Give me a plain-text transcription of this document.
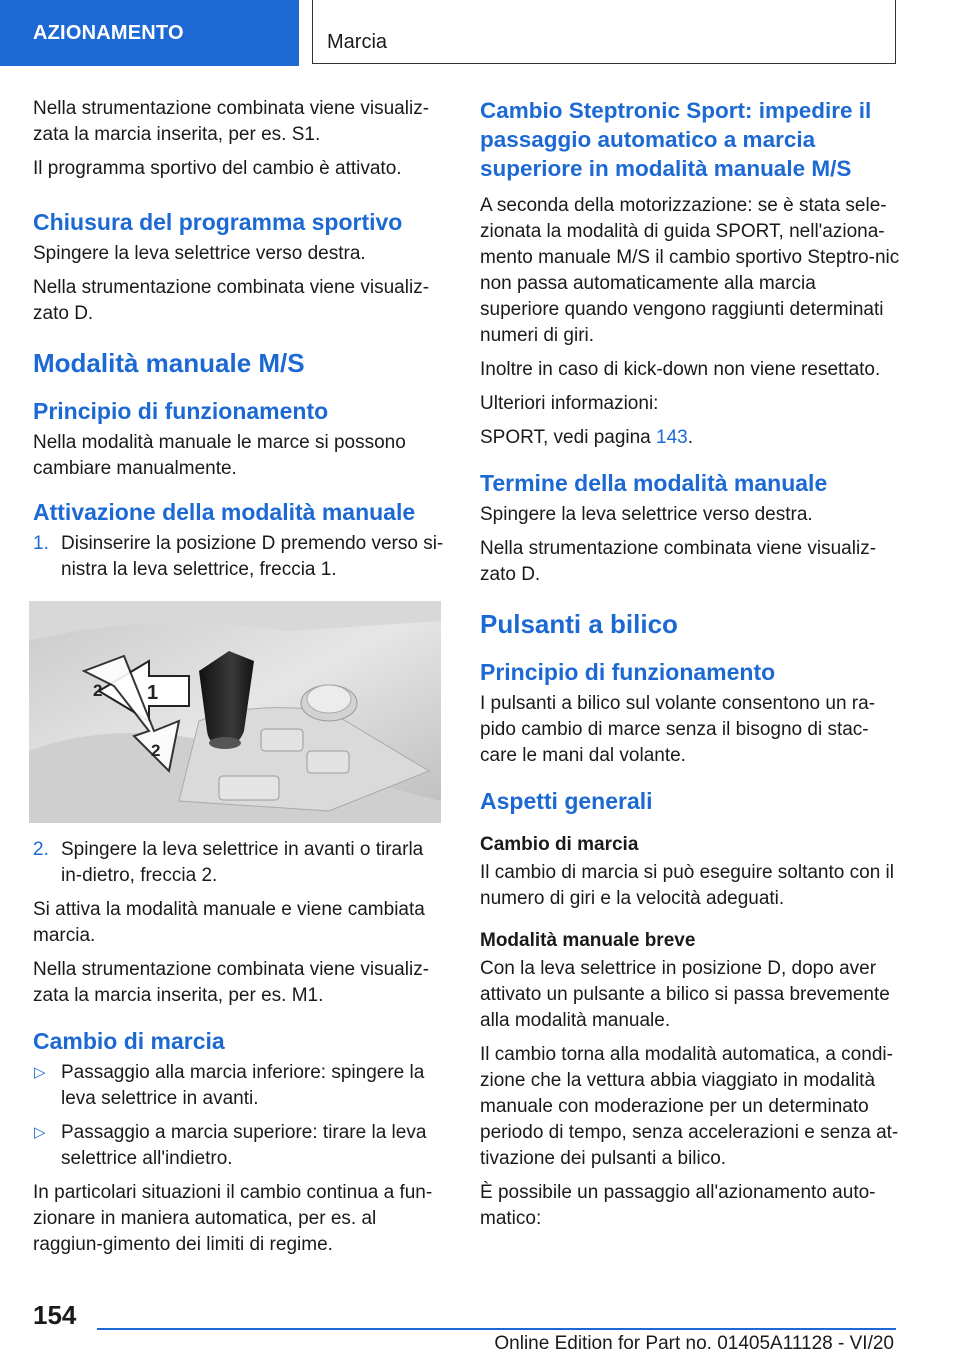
AZIONAMENTO	Marcia

Nella strumentazione combinata viene visualiz-zata la marcia inserita, per es. S1.

Il programma sportivo del cambio è attivato.

Chiusura del programma sportivo

Spingere la leva selettrice verso destra.

Nella strumentazione combinata viene visualiz-zato D.

Modalità manuale M/S
Principio di funzionamento

Nella modalità manuale le marce si possono cambiare manualmente.

Attivazione della modalità manuale
1. Disinserire la posizione D premendo verso si-nistra la leva selettrice, freccia 1.
1
2
2
2. Spingere la leva selettrice in avanti o tirarla in-dietro, freccia 2.

Si attiva la modalità manuale e viene cambiata marcia.

Nella strumentazione combinata viene visualiz-zata la marcia inserita, per es. M1.

Cambio di marcia
▷ Passaggio alla marcia inferiore: spingere la leva selettrice in avanti.
▷ Passaggio a marcia superiore: tirare la leva selettrice all'indietro.

In particolari situazioni il cambio continua a fun-zionare in maniera automatica, per es. al raggiun-gimento dei limiti di regime.

Cambio Steptronic Sport: impedire il passaggio automatico a marcia superiore in modalità manuale M/S

A seconda della motorizzazione: se è stata sele-zionata la modalità di guida SPORT, nell'aziona-mento manuale M/S il cambio sportivo Steptro-nic non passa automaticamente alla marcia superiore quando vengono raggiunti determinati numeri di giri.

Inoltre in caso di kick-down non viene resettato.

Ulteriori informazioni:

SPORT, vedi pagina 143.

Termine della modalità manuale

Spingere la leva selettrice verso destra.

Nella strumentazione combinata viene visualiz-zato D.

Pulsanti a bilico
Principio di funzionamento

I pulsanti a bilico sul volante consentono un ra-pido cambio di marce senza il bisogno di stac-care le mani dal volante.

Aspetti generali
Cambio di marcia

Il cambio di marcia si può eseguire soltanto con il numero di giri e la velocità adeguati.

Modalità manuale breve

Con la leva selettrice in posizione D, dopo aver attivato un pulsante a bilico si passa brevemente alla modalità manuale.

Il cambio torna alla modalità automatica, a condi-zione che la vettura abbia viaggiato in modalità manuale con moderazione per un determinato periodo di tempo, senza accelerazioni e senza at-tivazione dei pulsanti a bilico.

È possibile un passaggio all'azionamento auto-matico:

154
Online Edition for Part no. 01405A11128 - VI/20
